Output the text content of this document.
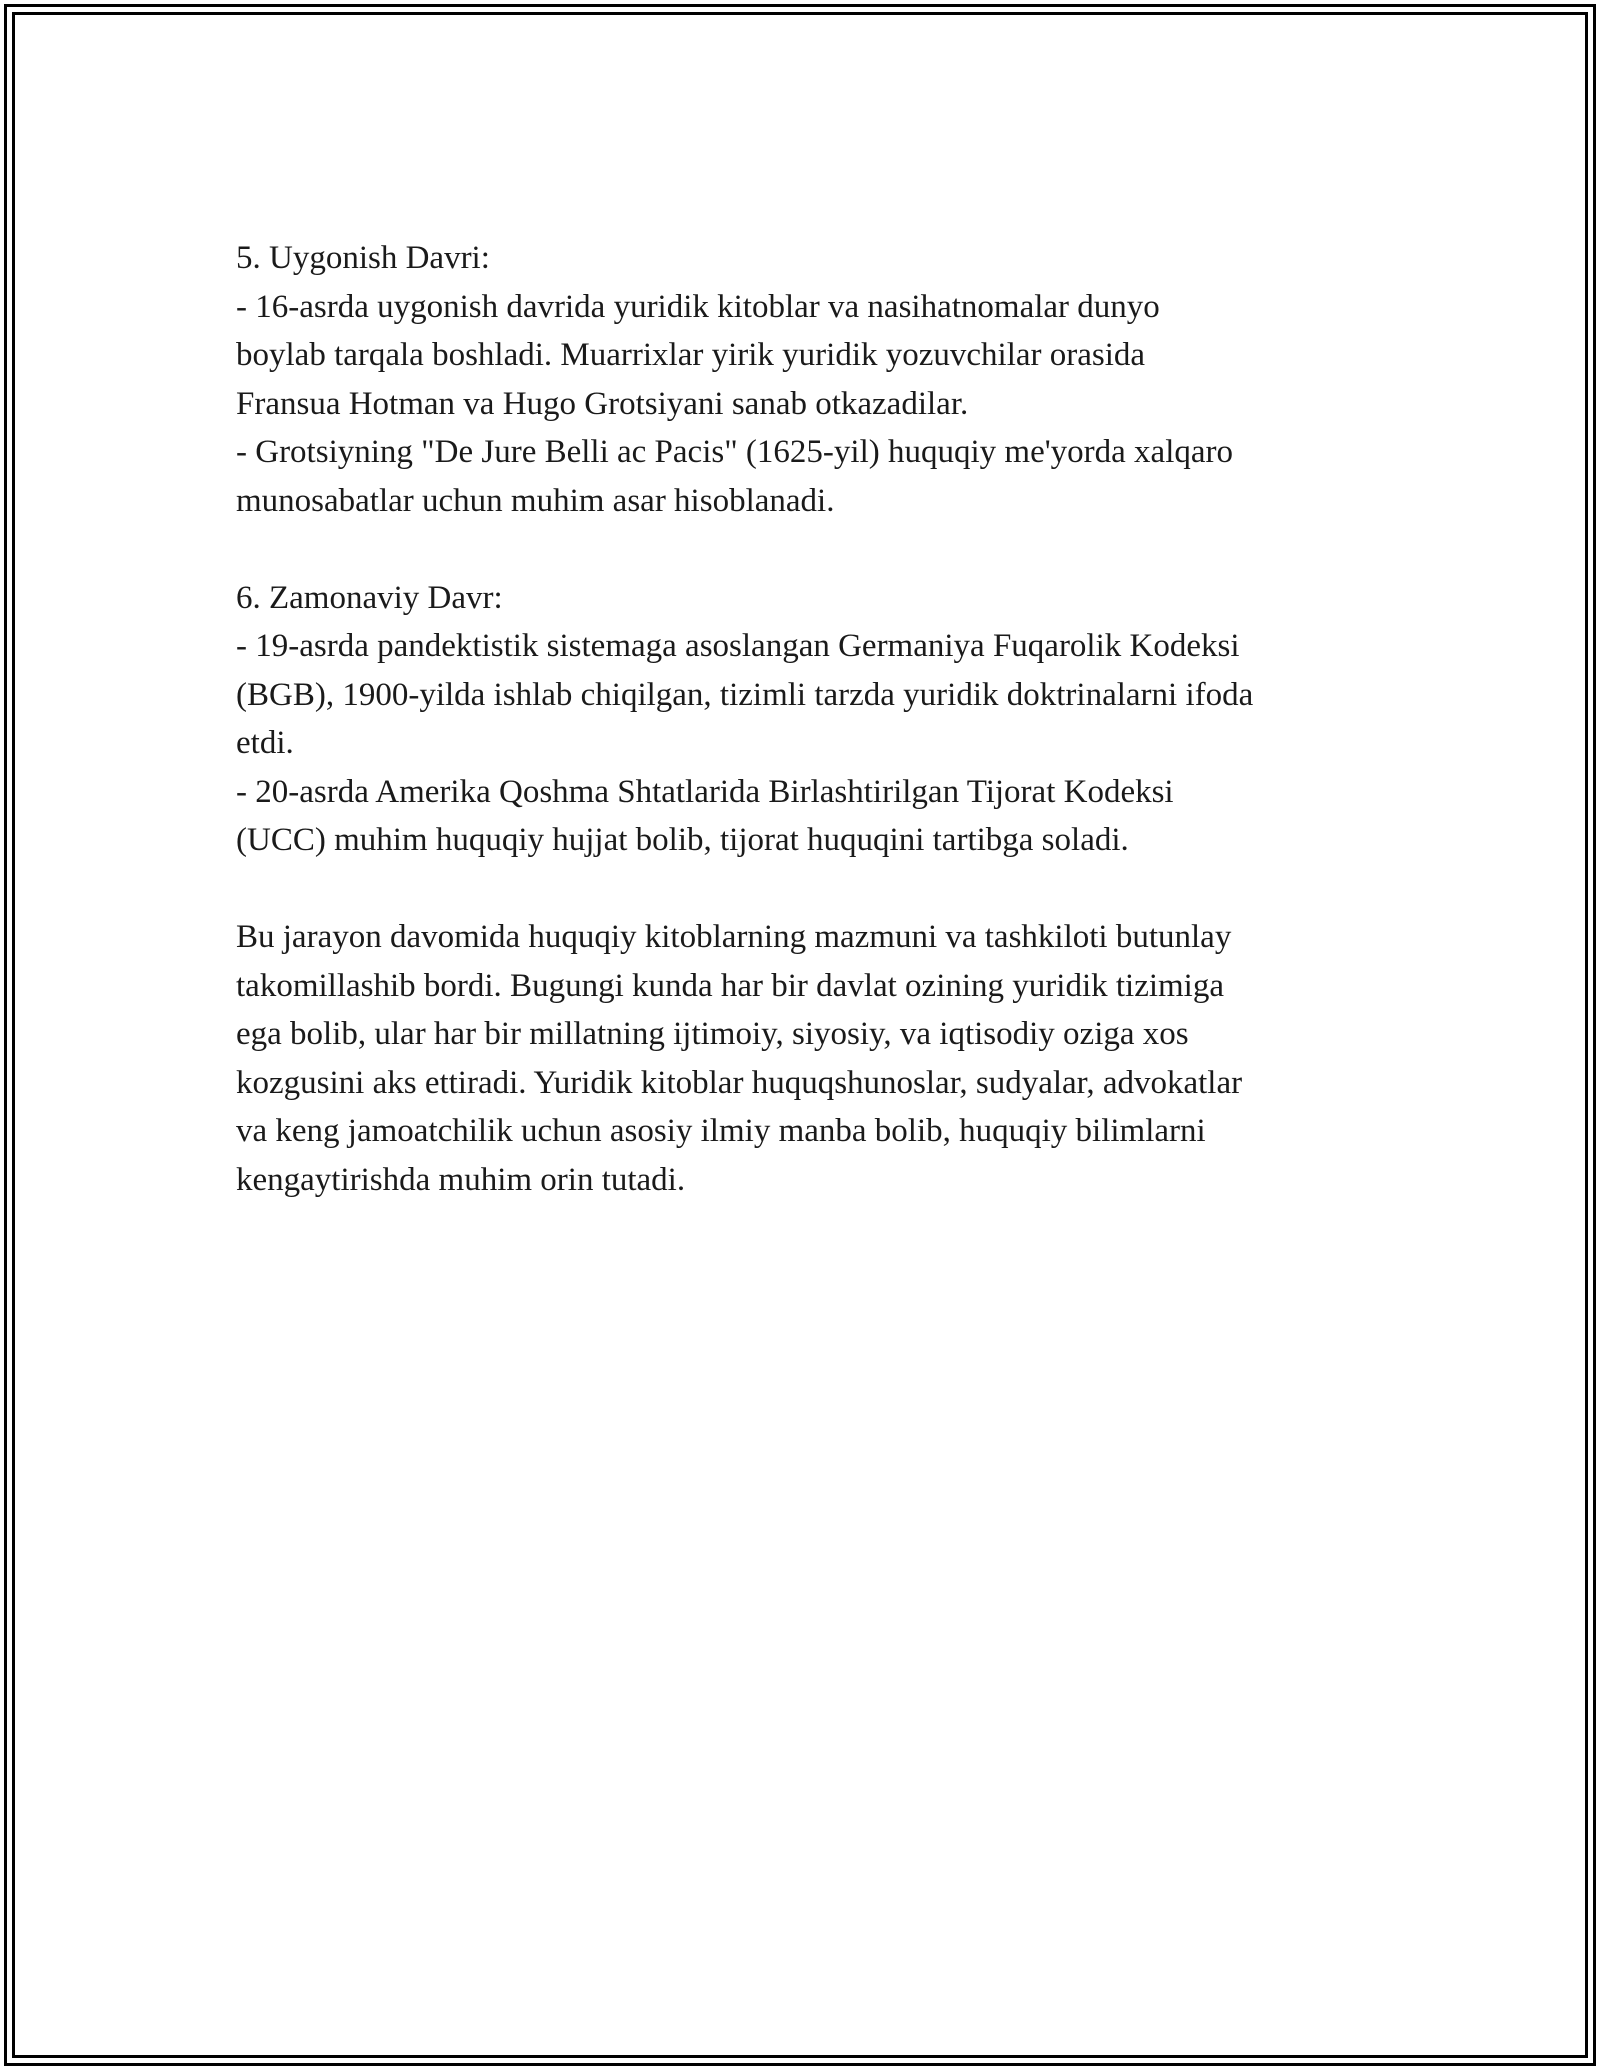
5. Uygonish Davri:
- 16-asrda uygonish davrida yuridik kitoblar va nasihatnomalar dunyo
boylab tarqala boshladi. Muarrixlar yirik yuridik yozuvchilar orasida
Fransua Hotman va Hugo Grotsiyani sanab otkazadilar.
- Grotsiyning "De Jure Belli ac Pacis" (1625-yil) huquqiy me'yorda xalqaro
munosabatlar uchun muhim asar hisoblanadi.
6. Zamonaviy Davr:
- 19-asrda pandektistik sistemaga asoslangan Germaniya Fuqarolik Kodeksi
(BGB), 1900-yilda ishlab chiqilgan, tizimli tarzda yuridik doktrinalarni ifoda
etdi.
- 20-asrda Amerika Qoshma Shtatlarida Birlashtirilgan Tijorat Kodeksi
(UCC) muhim huquqiy hujjat bolib, tijorat huquqini tartibga soladi.
Bu jarayon davomida huquqiy kitoblarning mazmuni va tashkiloti butunlay
takomillashib bordi. Bugungi kunda har bir davlat ozining yuridik tizimiga
ega bolib, ular har bir millatning ijtimoiy, siyosiy, va iqtisodiy oziga xos
kozgusini aks ettiradi. Yuridik kitoblar huquqshunoslar, sudyalar, advokatlar
va keng jamoatchilik uchun asosiy ilmiy manba bolib, huquqiy bilimlarni
kengaytirishda muhim orin tutadi.
